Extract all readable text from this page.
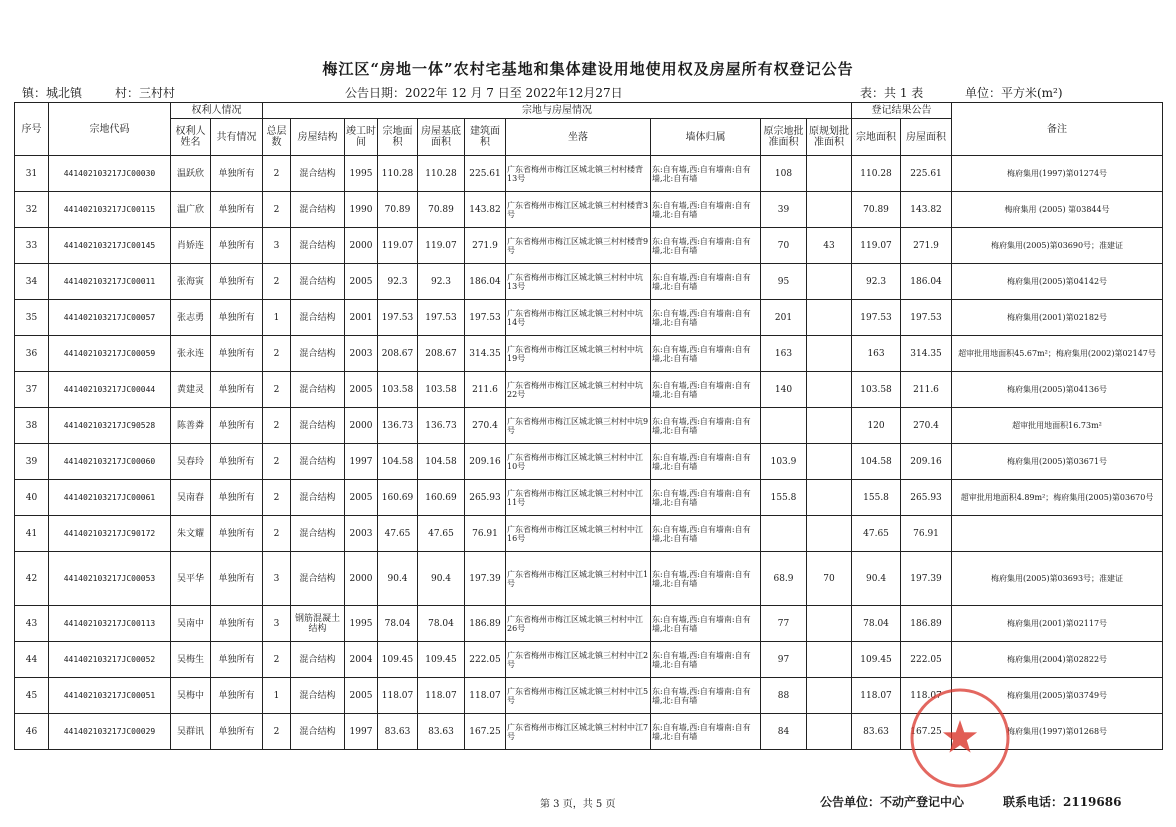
梅江区“房地一体”农村宅基地和集体建设用地使用权及房屋所有权登记公告
镇：城北镇	村：三村村	公告日期：2022年 12 月 7 日至 2022年12月27日	表：共 1 表	单位：平方米(m²)
序号	宗地代码	权利人情况		宗地与房屋情况										登记结果公告		备注
		权利人姓名	共有情况	总层数	房屋结构	竣工时间	宗地面积	房屋基底面积	建筑面积	坐落	墙体归属	原宗地批准面积	原规划批准面积	宗地面积	房屋面积	
31	441402103217JC00030	温跃欣	单独所有	2	混合结构	1995	110.28	110.28	225.61	广东省梅州市梅江区城北镇三村村楼背13号	东:自有墙,西:自有墙南:自有墙,北:自有墙	108		110.28	225.61	梅府集用(1997)第01274号
32	441402103217JC00115	温广欣	单独所有	2	混合结构	1990	70.89	70.89	143.82	广东省梅州市梅江区城北镇三村村楼背3号	东:自有墙,西:自有墙南:自有墙,北:自有墙	39		70.89	143.82	梅府集用 (2005) 第03844号
33	441402103217JC00145	肖娇连	单独所有	3	混合结构	2000	119.07	119.07	271.9	广东省梅州市梅江区城北镇三村村楼背9号	东:自有墙,西:自有墙南:自有墙,北:自有墙	70	43	119.07	271.9	梅府集用(2005)第03690号；准建证
34	441402103217JC00011	张海寅	单独所有	2	混合结构	2005	92.3	92.3	186.04	广东省梅州市梅江区城北镇三村村中坑13号	东:自有墙,西:自有墙南:自有墙,北:自有墙	95		92.3	186.04	梅府集用(2005)第04142号
35	441402103217JC00057	张志勇	单独所有	1	混合结构	2001	197.53	197.53	197.53	广东省梅州市梅江区城北镇三村村中坑14号	东:自有墙,西:自有墙南:自有墙,北:自有墙	201		197.53	197.53	梅府集用(2001)第02182号
36	441402103217JC00059	张永连	单独所有	2	混合结构	2003	208.67	208.67	314.35	广东省梅州市梅江区城北镇三村村中坑19号	东:自有墙,西:自有墙南:自有墙,北:自有墙	163		163	314.35	超审批用地面积45.67m²；梅府集用(2002)第02147号
37	441402103217JC00044	黄建灵	单独所有	2	混合结构	2005	103.58	103.58	211.6	广东省梅州市梅江区城北镇三村村中坑22号	东:自有墙,西:自有墙南:自有墙,北:自有墙	140		103.58	211.6	梅府集用(2005)第04136号
38	441402103217JC90528	陈善粦	单独所有	2	混合结构	2000	136.73	136.73	270.4	广东省梅州市梅江区城北镇三村村中坑9号	东:自有墙,西:自有墙南:自有墙,北:自有墙			120	270.4	超审批用地面积16.73m²
39	441402103217JC00060	吴春玲	单独所有	2	混合结构	1997	104.58	104.58	209.16	广东省梅州市梅江区城北镇三村村中江10号	东:自有墙,西:自有墙南:自有墙,北:自有墙	103.9		104.58	209.16	梅府集用(2005)第03671号
40	441402103217JC00061	吴南春	单独所有	2	混合结构	2005	160.69	160.69	265.93	广东省梅州市梅江区城北镇三村村中江11号	东:自有墙,西:自有墙南:自有墙,北:自有墙	155.8		155.8	265.93	超审批用地面积4.89m²；梅府集用(2005)第03670号
41	441402103217JC90172	朱文耀	单独所有	2	混合结构	2003	47.65	47.65	76.91	广东省梅州市梅江区城北镇三村村中江16号	东:自有墙,西:自有墙南:自有墙,北:自有墙			47.65	76.91	
42	441402103217JC00053	吴平华	单独所有	3	混合结构	2000	90.4	90.4	197.39	广东省梅州市梅江区城北镇三村村中江1号	东:自有墙,西:自有墙南:自有墙,北:自有墙	68.9	70	90.4	197.39	梅府集用(2005)第03693号；准建证
43	441402103217JC00113	吴南中	单独所有	3	钢筋混凝土结构	1995	78.04	78.04	186.89	广东省梅州市梅江区城北镇三村村中江26号	东:自有墙,西:自有墙南:自有墙,北:自有墙	77		78.04	186.89	梅府集用(2001)第02117号
44	441402103217JC00052	吴梅生	单独所有	2	混合结构	2004	109.45	109.45	222.05	广东省梅州市梅江区城北镇三村村中江2号	东:自有墙,西:自有墙南:自有墙,北:自有墙	97		109.45	222.05	梅府集用(2004)第02822号
45	441402103217JC00051	吴梅中	单独所有	1	混合结构	2005	118.07	118.07	118.07	广东省梅州市梅江区城北镇三村村中江5号	东:自有墙,西:自有墙南:自有墙,北:自有墙	88		118.07	118.07	梅府集用(2005)第03749号
46	441402103217JC00029	吴群讯	单独所有	2	混合结构	1997	83.63	83.63	167.25	广东省梅州市梅江区城北镇三村村中江7号	东:自有墙,西:自有墙南:自有墙,北:自有墙	84		83.63	167.25	梅府集用(1997)第01268号
第 3 页，共 5 页	公告单位：不动产登记中心	联系电话：2119686
